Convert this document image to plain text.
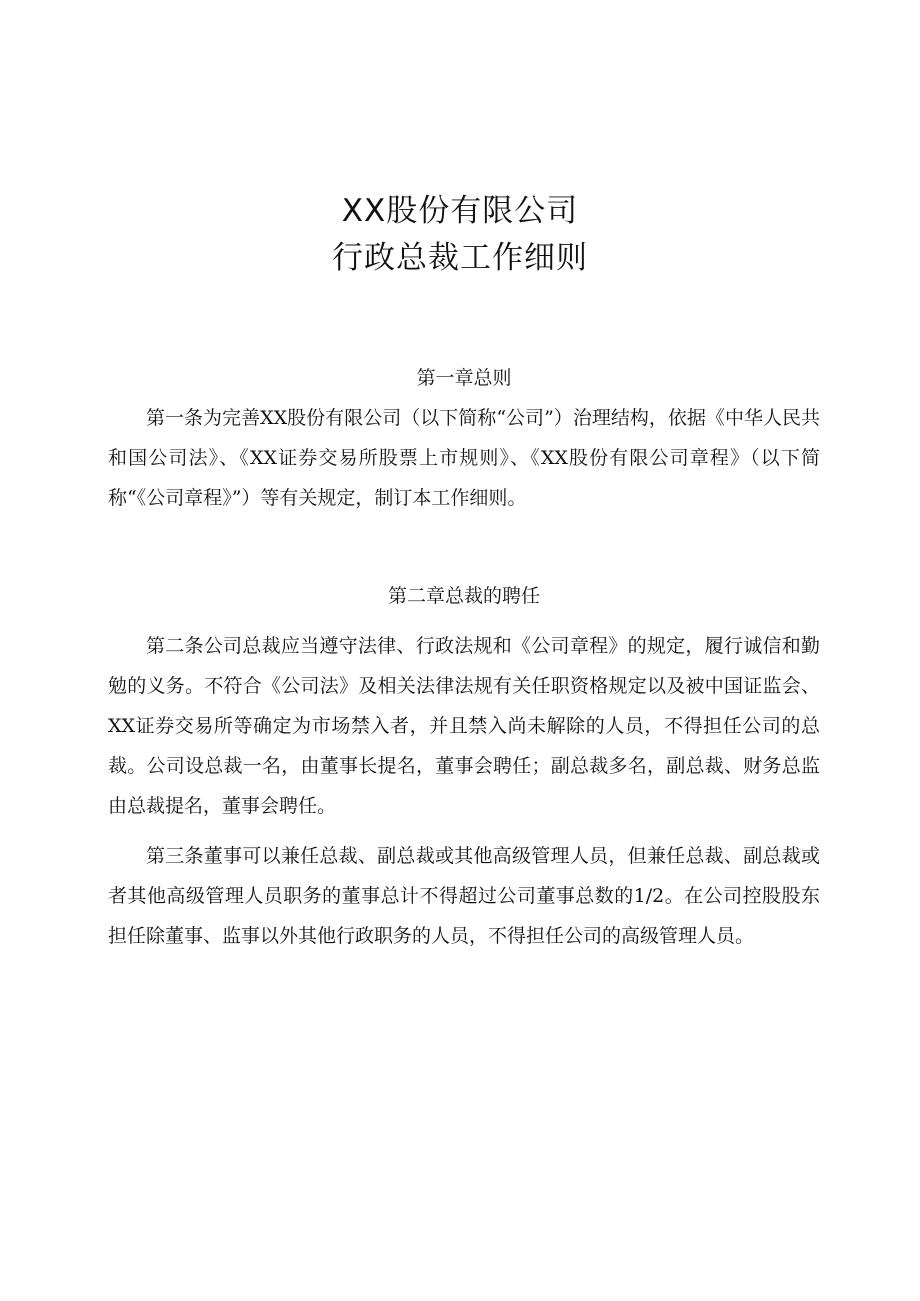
XX股份有限公司
行政总裁工作细则
第一章总则

第一条为完善XX股份有限公司（以下简称“公司”）治理结构，依据《中华人民共和国公司法》、《XX证券交易所股票上市规则》、《XX股份有限公司章程》（以下简称“《公司章程》”）等有关规定，制订本工作细则。

第二章总裁的聘任

第二条公司总裁应当遵守法律、行政法规和《公司章程》的规定，履行诚信和勤勉的义务。不符合《公司法》及相关法律法规有关任职资格规定以及被中国证监会、XX证券交易所等确定为市场禁入者，并且禁入尚未解除的人员，不得担任公司的总裁。公司设总裁一名，由董事长提名，董事会聘任；副总裁多名，副总裁、财务总监由总裁提名，董事会聘任。

第三条董事可以兼任总裁、副总裁或其他高级管理人员，但兼任总裁、副总裁或者其他高级管理人员职务的董事总计不得超过公司董事总数的1/2。在公司控股股东担任除董事、监事以外其他行政职务的人员，不得担任公司的高级管理人员。
